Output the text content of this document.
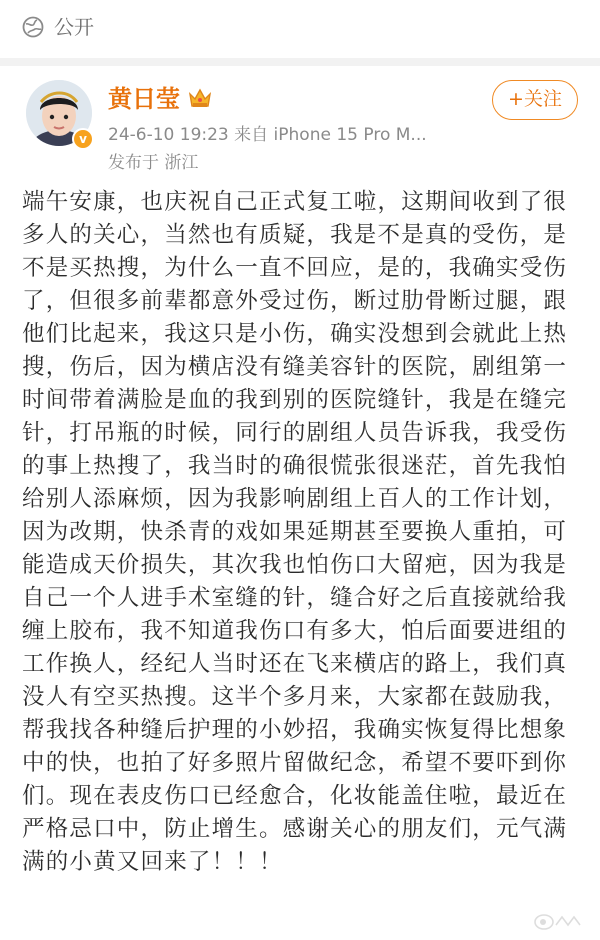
公开
v
黄日莹
24-6-10 19:23 来自 iPhone 15 Pro M...
发布于 浙江
+关注
端午安康，也庆祝自己正式复工啦，这期间收到了很多人的关心，当然也有质疑，我是不是真的受伤，是不是买热搜，为什么一直不回应，是的，我确实受伤了，但很多前辈都意外受过伤，断过肋骨断过腿，跟他们比起来，我这只是小伤，确实没想到会就此上热搜，伤后，因为横店没有缝美容针的医院，剧组第一时间带着满脸是血的我到别的医院缝针，我是在缝完针，打吊瓶的时候，同行的剧组人员告诉我，我受伤的事上热搜了，我当时的确很慌张很迷茫，首先我怕给别人添麻烦，因为我影响剧组上百人的工作计划，因为改期，快杀青的戏如果延期甚至要换人重拍，可能造成天价损失，其次我也怕伤口大留疤，因为我是自己一个人进手术室缝的针，缝合好之后直接就给我缠上胶布，我不知道我伤口有多大，怕后面要进组的工作换人，经纪人当时还在飞来横店的路上，我们真没人有空买热搜。这半个多月来，大家都在鼓励我，帮我找各种缝后护理的小妙招，我确实恢复得比想象中的快，也拍了好多照片留做纪念，希望不要吓到你们。现在表皮伤口已经愈合，化妆能盖住啦，最近在严格忌口中，防止增生。感谢关心的朋友们，元气满满的小黄又回来了！！！
